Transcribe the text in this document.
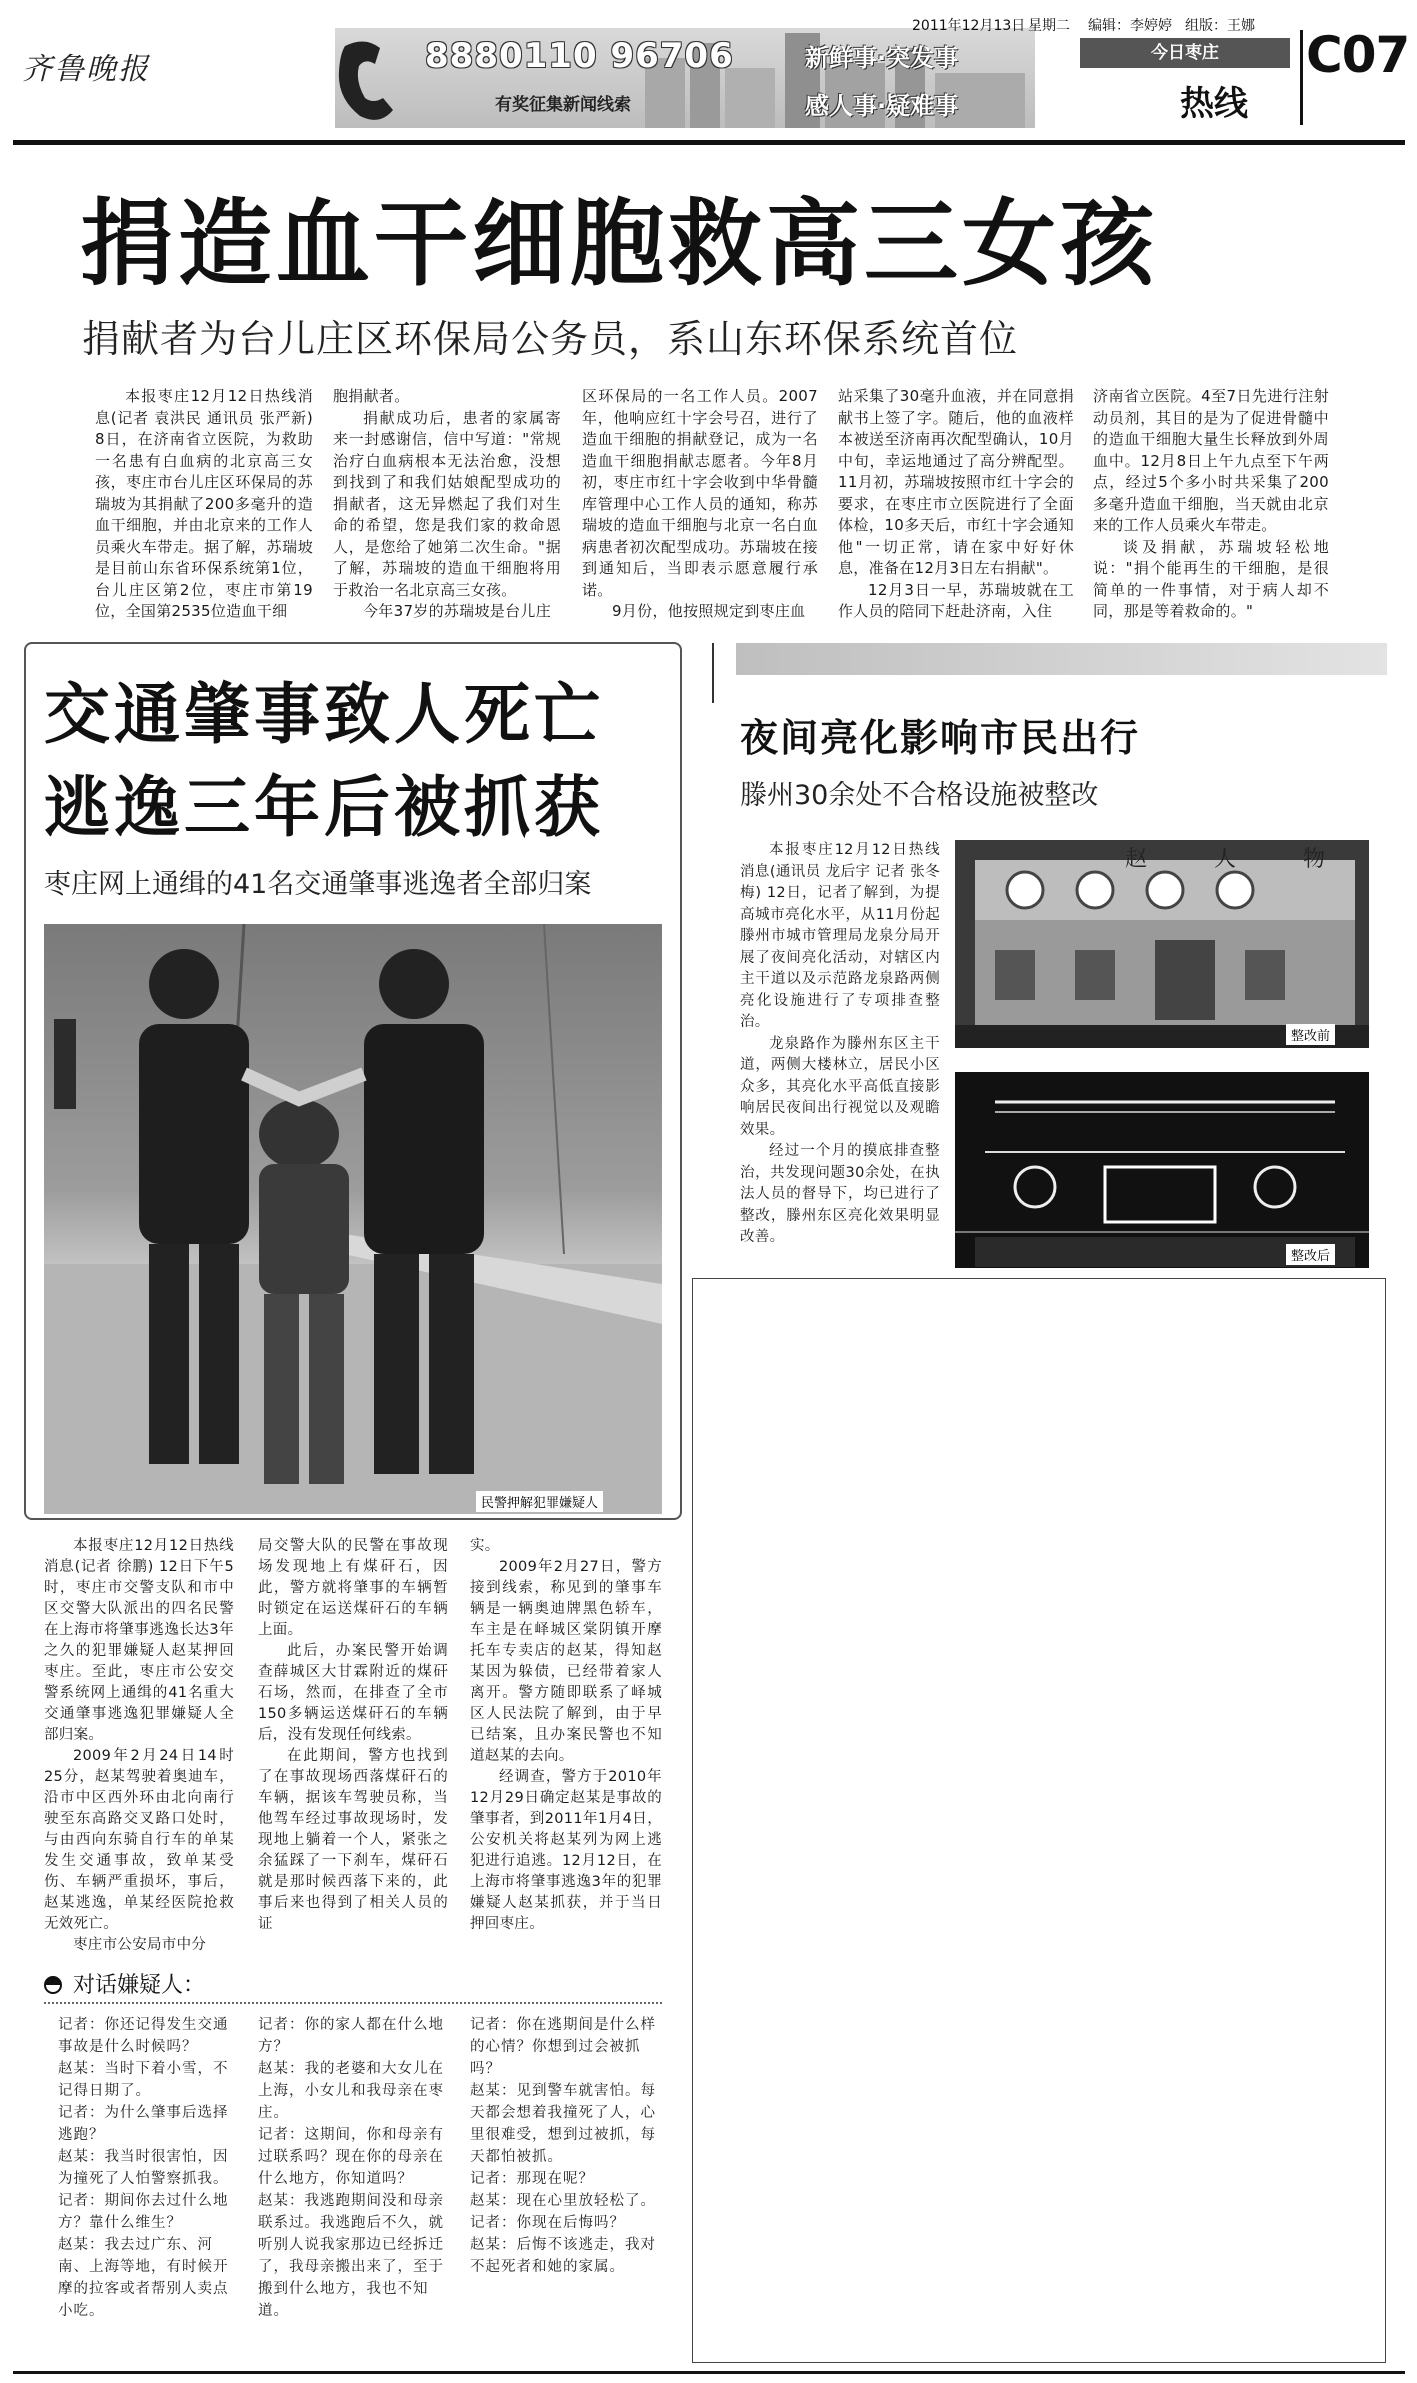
齐鲁晚报	8880110 96706	新鲜事·突发事
有奖征集新闻线索	感人事·疑难事
2011年12月13日 星期二 编辑：李婷婷 组版：王娜
今日枣庄
热线
C07
捐造血干细胞救高三女孩
捐献者为台儿庄区环保局公务员，系山东环保系统首位

本报枣庄12月12日热线消息(记者 袁洪民 通讯员 张严新) 8日，在济南省立医院，为救助一名患有白血病的北京高三女孩，枣庄市台儿庄区环保局的苏瑞坡为其捐献了200多毫升的造血干细胞，并由北京来的工作人员乘火车带走。据了解，苏瑞坡是目前山东省环保系统第1位，台儿庄区第2位，枣庄市第19位，全国第2535位造血干细

胞捐献者。

捐献成功后，患者的家属寄来一封感谢信，信中写道："常规治疗白血病根本无法治愈，没想到找到了和我们姑娘配型成功的捐献者，这无异燃起了我们对生命的希望，您是我们家的救命恩人，是您给了她第二次生命。"据了解，苏瑞坡的造血干细胞将用于救治一名北京高三女孩。

今年37岁的苏瑞坡是台儿庄

区环保局的一名工作人员。2007年，他响应红十字会号召，进行了造血干细胞的捐献登记，成为一名造血干细胞捐献志愿者。今年8月初，枣庄市红十字会收到中华骨髓库管理中心工作人员的通知，称苏瑞坡的造血干细胞与北京一名白血病患者初次配型成功。苏瑞坡在接到通知后，当即表示愿意履行承诺。

9月份，他按照规定到枣庄血

站采集了30毫升血液，并在同意捐献书上签了字。随后，他的血液样本被送至济南再次配型确认，10月中旬，幸运地通过了高分辨配型。11月初，苏瑞坡按照市红十字会的要求，在枣庄市立医院进行了全面体检，10多天后，市红十字会通知他"一切正常，请在家中好好休息，准备在12月3日左右捐献"。

12月3日一早，苏瑞坡就在工作人员的陪同下赶赴济南，入住

济南省立医院。4至7日先进行注射动员剂，其目的是为了促进骨髓中的造血干细胞大量生长释放到外周血中。12月8日上午九点至下午两点，经过5个多小时共采集了200多毫升造血干细胞，当天就由北京来的工作人员乘火车带走。

谈及捐献，苏瑞坡轻松地说："捐个能再生的干细胞，是很简单的一件事情，对于病人却不同，那是等着救命的。"

交通肇事致人死亡
逃逸三年后被抓获
枣庄网上通缉的41名交通肇事逃逸者全部归案
民警押解犯罪嫌疑人

本报枣庄12月12日热线消息(记者 徐鹏) 12日下午5时，枣庄市交警支队和市中区交警大队派出的四名民警在上海市将肇事逃逸长达3年之久的犯罪嫌疑人赵某押回枣庄。至此，枣庄市公安交警系统网上通缉的41名重大交通肇事逃逸犯罪嫌疑人全部归案。

2009年2月24日14时25分，赵某驾驶着奥迪车，沿市中区西外环由北向南行驶至东高路交叉路口处时，与由西向东骑自行车的单某发生交通事故，致单某受伤、车辆严重损坏，事后，赵某逃逸，单某经医院抢救无效死亡。

枣庄市公安局市中分

局交警大队的民警在事故现场发现地上有煤矸石，因此，警方就将肇事的车辆暂时锁定在运送煤矸石的车辆上面。

此后，办案民警开始调查薛城区大甘霖附近的煤矸石场，然而，在排查了全市150多辆运送煤矸石的车辆后，没有发现任何线索。

在此期间，警方也找到了在事故现场西落煤矸石的车辆，据该车驾驶员称，当他驾车经过事故现场时，发现地上躺着一个人，紧张之余猛踩了一下刹车，煤矸石就是那时候西落下来的，此事后来也得到了相关人员的证

实。

2009年2月27日，警方接到线索，称见到的肇事车辆是一辆奥迪牌黑色轿车，车主是在峄城区棠阴镇开摩托车专卖店的赵某，得知赵某因为躲债，已经带着家人离开。警方随即联系了峄城区人民法院了解到，由于早已结案，且办案民警也不知道赵某的去向。

经调查，警方于2010年12月29日确定赵某是事故的肇事者，到2011年1月4日，公安机关将赵某列为网上逃犯进行追逃。12月12日，在上海市将肇事逃逸3年的犯罪嫌疑人赵某抓获，并于当日押回枣庄。

对话嫌疑人：
记者：你还记得发生交通事故是什么时候吗？
赵某：当时下着小雪，不记得日期了。
记者：为什么肇事后选择逃跑？
赵某：我当时很害怕，因为撞死了人怕警察抓我。
记者：期间你去过什么地方？靠什么维生？
赵某：我去过广东、河南、上海等地，有时候开摩的拉客或者帮别人卖点小吃。
记者：你的家人都在什么地方？
赵某：我的老婆和大女儿在上海，小女儿和我母亲在枣庄。
记者：这期间，你和母亲有过联系吗？现在你的母亲在什么地方，你知道吗？
赵某：我逃跑期间没和母亲联系过。我逃跑后不久，就听别人说我家那边已经拆迁了，我母亲搬出来了，至于搬到什么地方，我也不知道。
记者：你在逃期间是什么样的心情？你想到过会被抓吗？
赵某：见到警车就害怕。每天都会想着我撞死了人，心里很难受，想到过被抓，每天都怕被抓。
记者：那现在呢？
赵某：现在心里放轻松了。
记者：你现在后悔吗？
赵某：后悔不该逃走，我对不起死者和她的家属。
夜间亮化影响市民出行
滕州30余处不合格设施被整改

本报枣庄12月12日热线消息(通讯员 龙后宇 记者 张冬梅) 12日，记者了解到，为提高城市亮化水平，从11月份起滕州市城市管理局龙泉分局开展了夜间亮化活动，对辖区内主干道以及示范路龙泉路两侧亮化设施进行了专项排查整治。

龙泉路作为滕州东区主干道，两侧大楼林立，居民小区众多，其亮化水平高低直接影响居民夜间出行视觉以及观瞻效果。

经过一个月的摸底排查整治，共发现问题30余处，在执法人员的督导下，均已进行了整改，滕州东区亮化效果明显改善。

赵 人 物
整改前
整改后
